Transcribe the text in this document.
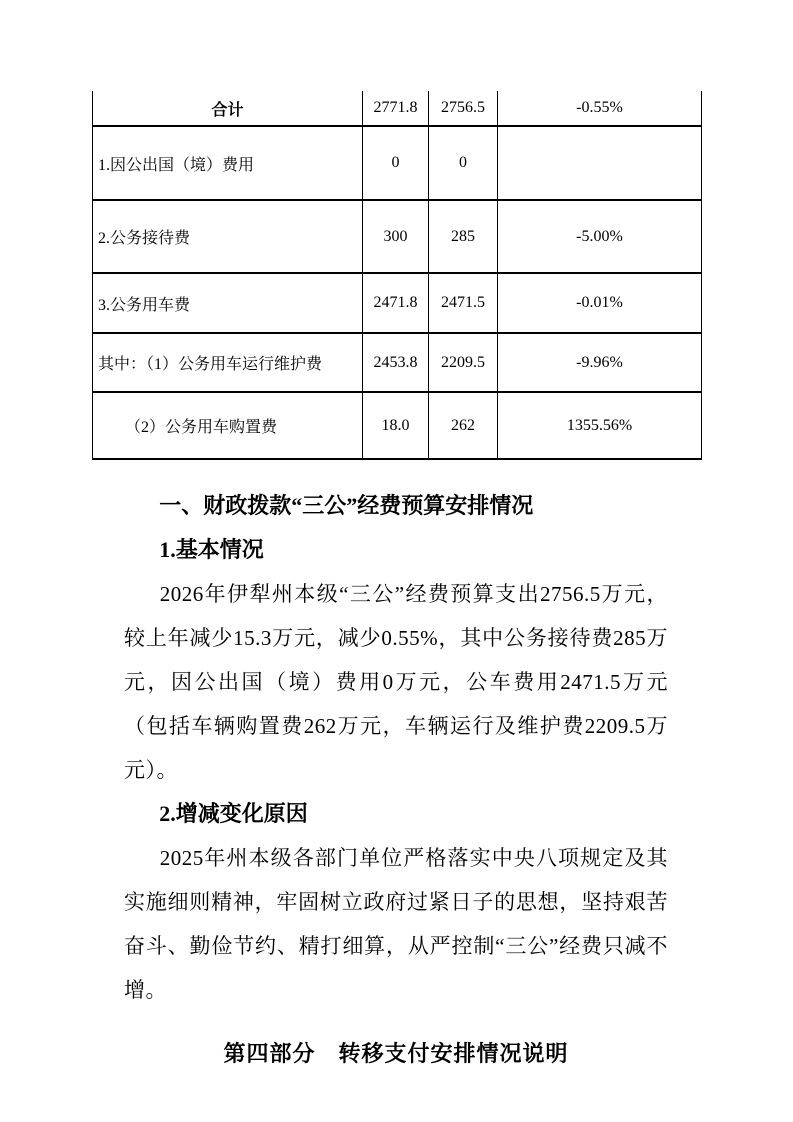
合计	2771.8	2756.5	-0.55%
1.因公出国（境）费用	0	0	
2.公务接待费	300	285	-5.00%
3.公务用车费	2471.8	2471.5	-0.01%
其中：（1）公务用车运行维护费	2453.8	2209.5	-9.96%
（2）公务用车购置费	18.0	262	1355.56%
一、财政拨款“三公”经费预算安排情况
1.基本情况

2026年伊犁州本级“三公”经费预算支出2756.5万元，较上年减少15.3万元，减少0.55%，其中公务接待费285万元，因公出国（境）费用0万元，公车费用2471.5万元（包括车辆购置费262万元，车辆运行及维护费2209.5万元）。

2.增减变化原因

2025年州本级各部门单位严格落实中央八项规定及其实施细则精神，牢固树立政府过紧日子的思想，坚持艰苦奋斗、勤俭节约、精打细算，从严控制“三公”经费只减不增。

第四部分　转移支付安排情况说明
